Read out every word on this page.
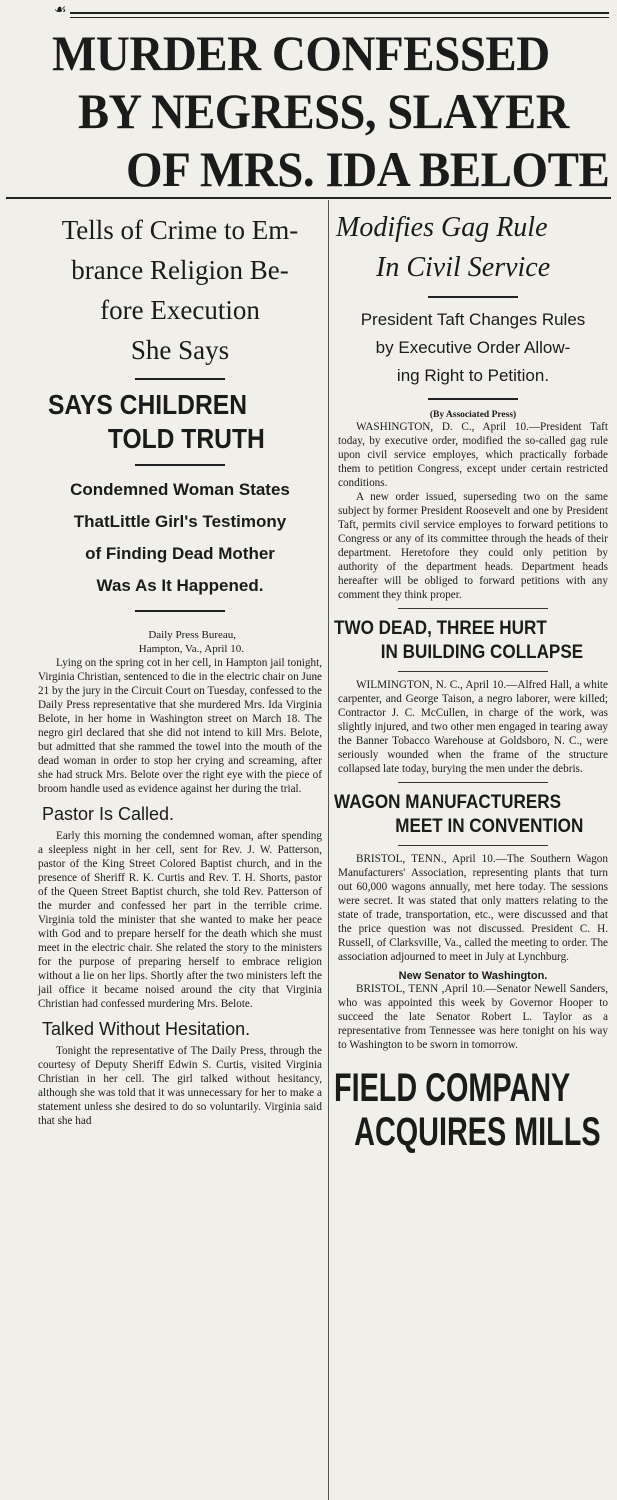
☙
MURDER CONFESSED
BY NEGRESS, SLAYER
OF MRS. IDA BELOTE
Tells of Crime to Em-
brance Religion Be-
fore Execution
She Says
SAYS CHILDREN
TOLD TRUTH
Condemned Woman States
ThatLittle Girl's Testimony
of Finding Dead Mother
Was As It Happened.
Daily Press Bureau,
Hampton, Va., April 10.

Lying on the spring cot in her cell, in Hampton jail tonight, Virginia Christian, sentenced to die in the electric chair on June 21 by the jury in the Circuit Court on Tuesday, confessed to the Daily Press representative that she murdered Mrs. Ida Virginia Belote, in her home in Washington street on March 18. The negro girl declared that she did not intend to kill Mrs. Belote, but admitted that she rammed the towel into the mouth of the dead woman in order to stop her crying and screaming, after she had struck Mrs. Belote over the right eye with the piece of broom handle used as evidence against her during the trial.

Pastor Is Called.

Early this morning the condemned woman, after spending a sleepless night in her cell, sent for Rev. J. W. Patterson, pastor of the King Street Colored Baptist church, and in the presence of Sheriff R. K. Curtis and Rev. T. H. Shorts, pastor of the Queen Street Baptist church, she told Rev. Patterson of the murder and confessed her part in the terrible crime. Virginia told the minister that she wanted to make her peace with God and to prepare herself for the death which she must meet in the electric chair. She related the story to the ministers for the purpose of preparing herself to embrace religion without a lie on her lips. Shortly after the two ministers left the jail office it became noised around the city that Virginia Christian had confessed murdering Mrs. Belote.

Talked Without Hesitation.

Tonight the representative of The Daily Press, through the courtesy of Deputy Sheriff Edwin S. Curtis, visited Virginia Christian in her cell. The girl talked without hesitancy, although she was told that it was unnecessary for her to make a statement unless she desired to do so voluntarily. Virginia said that she had

Modifies Gag Rule
In Civil Service
President Taft Changes Rules
by Executive Order Allow-
ing Right to Petition.
(By Associated Press)

WASHINGTON, D. C., April 10.—President Taft today, by executive order, modified the so-called gag rule upon civil service employes, which practically forbade them to petition Congress, except under certain restricted conditions.

A new order issued, superseding two on the same subject by former President Roosevelt and one by President Taft, permits civil service employes to forward petitions to Congress or any of its committee through the heads of their department. Heretofore they could only petition by authority of the department heads. Department heads hereafter will be obliged to forward petitions with any comment they think proper.

TWO DEAD, THREE HURT
IN BUILDING COLLAPSE

WILMINGTON, N. C., April 10.—Alfred Hall, a white carpenter, and George Taison, a negro laborer, were killed; Contractor J. C. McCullen, in charge of the work, was slightly injured, and two other men engaged in tearing away the Banner Tobacco Warehouse at Goldsboro, N. C., were seriously wounded when the frame of the structure collapsed late today, burying the men under the debris.

WAGON MANUFACTURERS
MEET IN CONVENTION

BRISTOL, TENN., April 10.—The Southern Wagon Manufacturers' Association, representing plants that turn out 60,000 wagons annually, met here today. The sessions were secret. It was stated that only matters relating to the state of trade, transportation, etc., were discussed and that the price question was not discussed. President C. H. Russell, of Clarksville, Va., called the meeting to order. The association adjourned to meet in July at Lynchburg.

New Senator to Washington.

BRISTOL, TENN ,April 10.—Senator Newell Sanders, who was appointed this week by Governor Hooper to succeed the late Senator Robert L. Taylor as a representative from Tennessee was here tonight on his way to Washington to be sworn in tomorrow.

FIELD COMPANY
ACQUIRES MILLS
